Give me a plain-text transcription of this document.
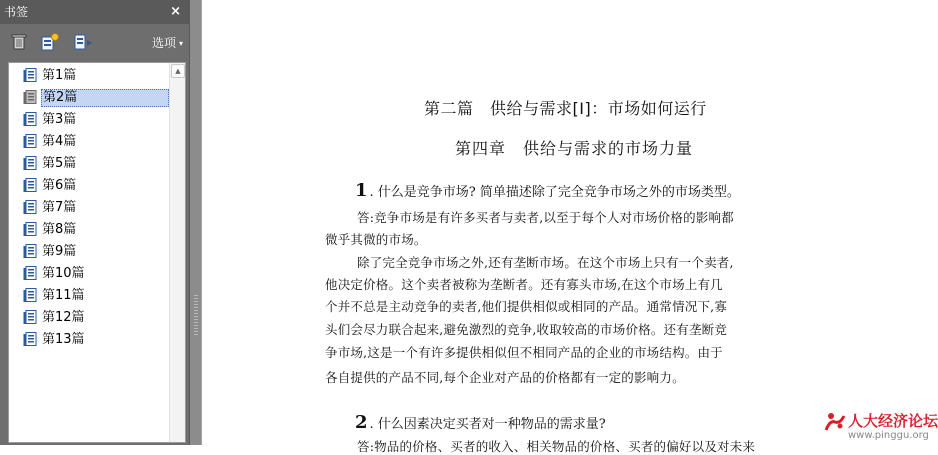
书签	×
选项 ▾
第1篇
第2篇
第3篇
第4篇
第5篇
第6篇
第7篇
第8篇
第9篇
第10篇
第11篇
第12篇
第13篇
▲
第二篇　供给与需求[I]：市场如何运行
第四章　供给与需求的市场力量
1 . 什么是竞争市场? 简单描述除了完全竞争市场之外的市场类型。
答:竞争市场是有许多买者与卖者,以至于每个人对市场价格的影响都
微乎其微的市场。
除了完全竞争市场之外,还有垄断市场。在这个市场上只有一个卖者,
他决定价格。这个卖者被称为垄断者。还有寡头市场,在这个市场上有几
个并不总是主动竞争的卖者,他们提供相似或相同的产品。通常情况下,寡
头们会尽力联合起来,避免激烈的竞争,收取较高的市场价格。还有垄断竞
争市场,这是一个有许多提供相似但不相同产品的企业的市场结构。由于
各自提供的产品不同,每个企业对产品的价格都有一定的影响力。
2 . 什么因素决定买者对一种物品的需求量?
答:物品的价格、买者的收入、相关物品的价格、买者的偏好以及对未来
人大经济论坛
www.pinggu.org
